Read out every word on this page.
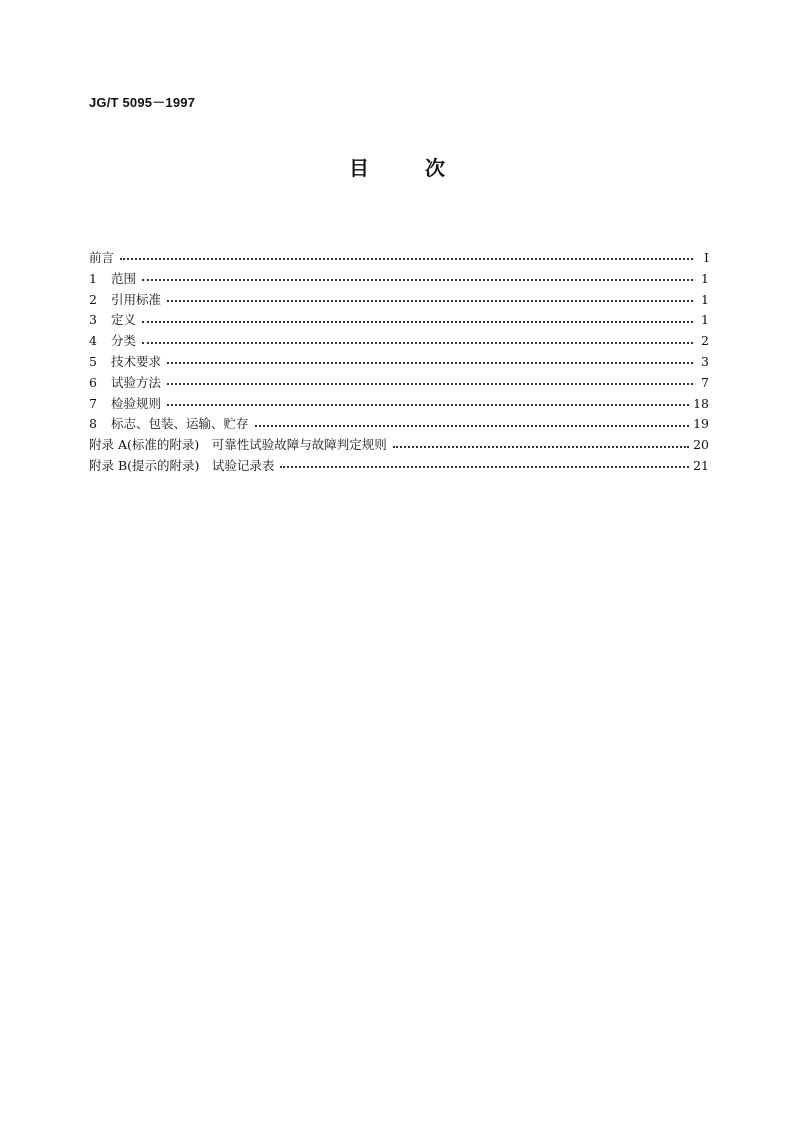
JG/T 5095－1997
目	次
前言	I
1	范围	1
2	引用标准	1
3	定义	1
4	分类	2
5	技术要求	3
6	试验方法	7
7	检验规则	18
8	标志、包装、运输、贮存	19
附录 A(标准的附录)　可靠性试验故障与故障判定规则	20
附录 B(提示的附录)　试验记录表	21
